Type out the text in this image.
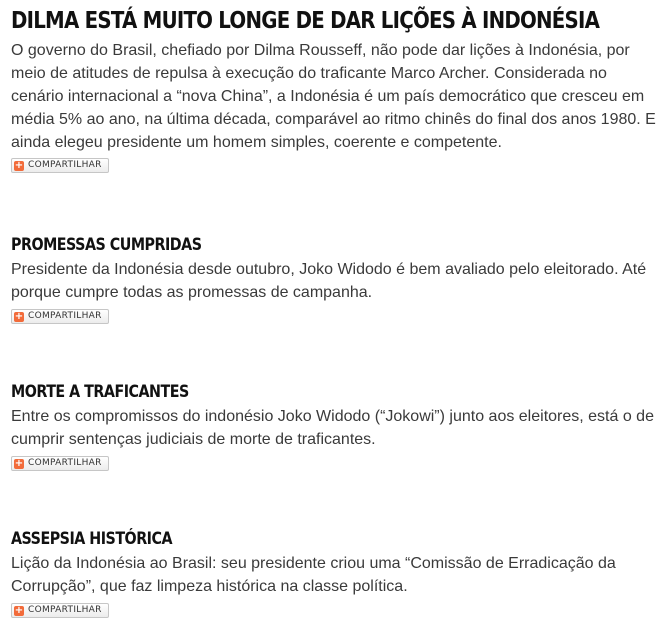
DILMA ESTÁ MUITO LONGE DE DAR LIÇÕES À INDONÉSIA

O governo do Brasil, chefiado por Dilma Rousseff, não pode dar lições à Indonésia, por meio de atitudes de repulsa à execução do traficante Marco Archer. Considerada no cenário internacional a “nova China”, a Indonésia é um país democrático que cresceu em média 5% ao ano, na última década, comparável ao ritmo chinês do final dos anos 1980. E ainda elegeu presidente um homem simples, coerente e competente.

+ COMPARTILHAR
PROMESSAS CUMPRIDAS

Presidente da Indonésia desde outubro, Joko Widodo é bem avaliado pelo eleitorado. Até porque cumpre todas as promessas de campanha.

+ COMPARTILHAR
MORTE A TRAFICANTES

Entre os compromissos do indonésio Joko Widodo (“Jokowi”) junto aos eleitores, está o de cumprir sentenças judiciais de morte de traficantes.

+ COMPARTILHAR
ASSEPSIA HISTÓRICA

Lição da Indonésia ao Brasil: seu presidente criou uma “Comissão de Erradicação da Corrupção”, que faz limpeza histórica na classe política.

+ COMPARTILHAR
